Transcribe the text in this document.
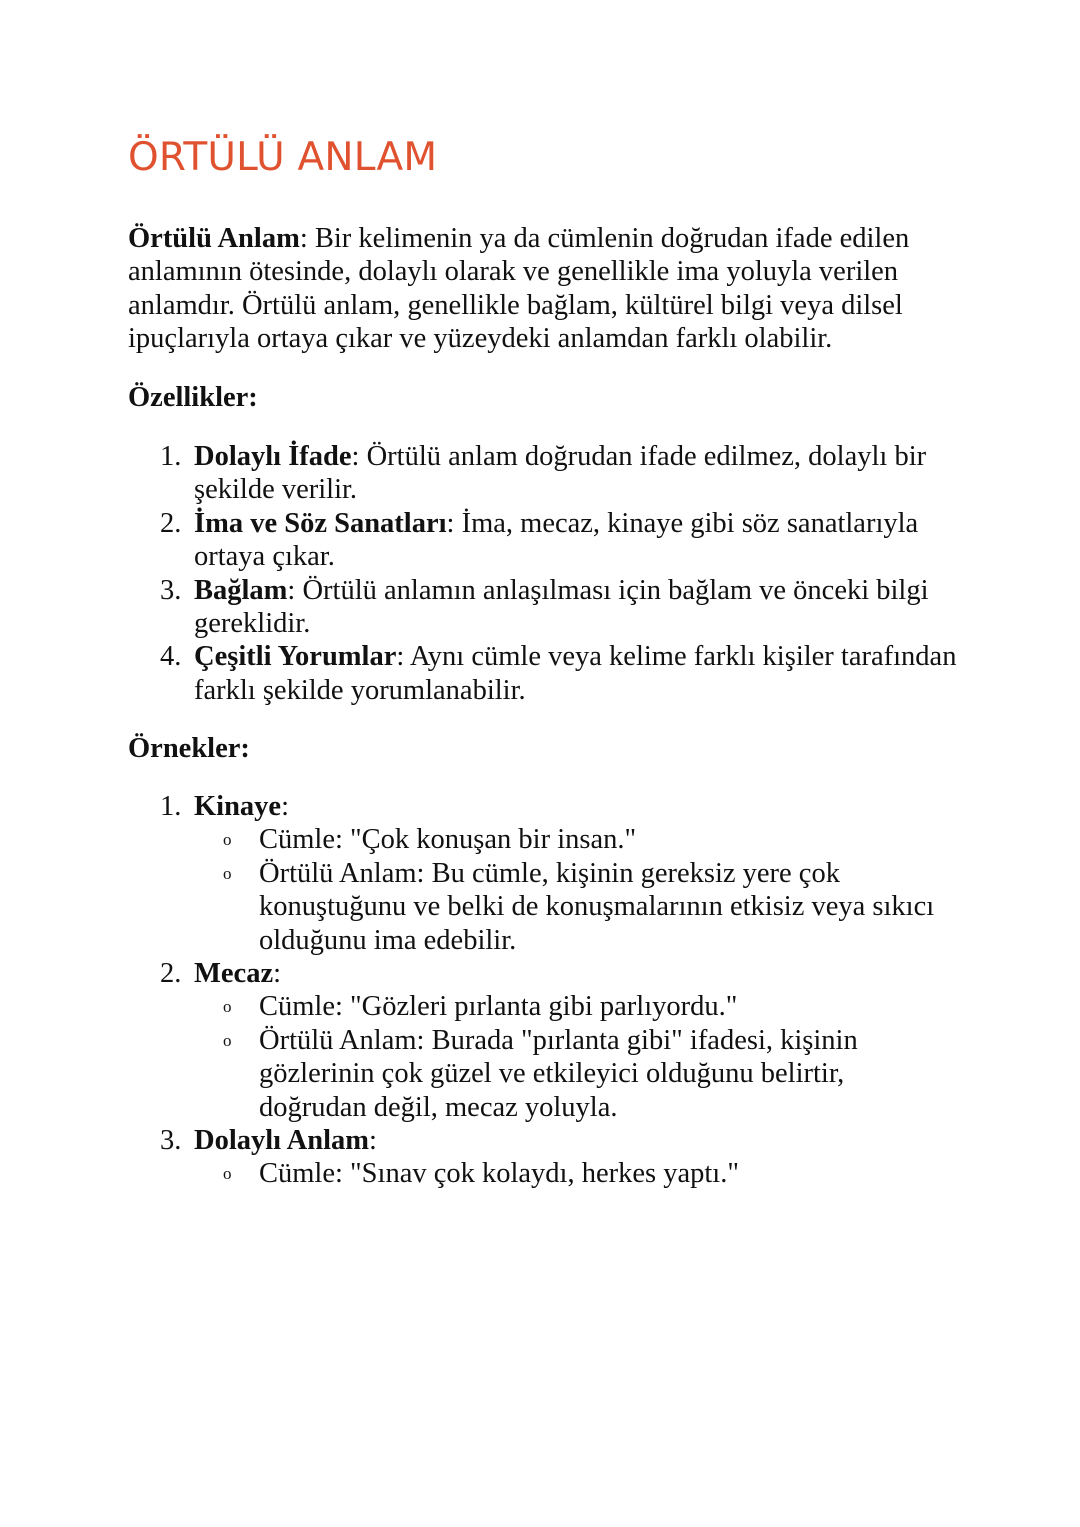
ÖRTÜLÜ ANLAM

Örtülü Anlam: Bir kelimenin ya da cümlenin doğrudan ifade edilen anlamının ötesinde, dolaylı olarak ve genellikle ima yoluyla verilen anlamdır. Örtülü anlam, genellikle bağlam, kültürel bilgi veya dilsel ipuçlarıyla ortaya çıkar ve yüzeydeki anlamdan farklı olabilir.

Özellikler:

1. Dolaylı İfade: Örtülü anlam doğrudan ifade edilmez, dolaylı bir şekilde verilir.
2. İma ve Söz Sanatları: İma, mecaz, kinaye gibi söz sanatlarıyla ortaya çıkar.
3. Bağlam: Örtülü anlamın anlaşılması için bağlam ve önceki bilgi gereklidir.
4. Çeşitli Yorumlar: Aynı cümle veya kelime farklı kişiler tarafından farklı şekilde yorumlanabilir.

Örnekler:

1. Kinaye:
o Cümle: "Çok konuşan bir insan."
o Örtülü Anlam: Bu cümle, kişinin gereksiz yere çok konuştuğunu ve belki de konuşmalarının etkisiz veya sıkıcı olduğunu ima edebilir.
2. Mecaz:
o Cümle: "Gözleri pırlanta gibi parlıyordu."
o Örtülü Anlam: Burada "pırlanta gibi" ifadesi, kişinin gözlerinin çok güzel ve etkileyici olduğunu belirtir, doğrudan değil, mecaz yoluyla.
3. Dolaylı Anlam:
o Cümle: "Sınav çok kolaydı, herkes yaptı."
